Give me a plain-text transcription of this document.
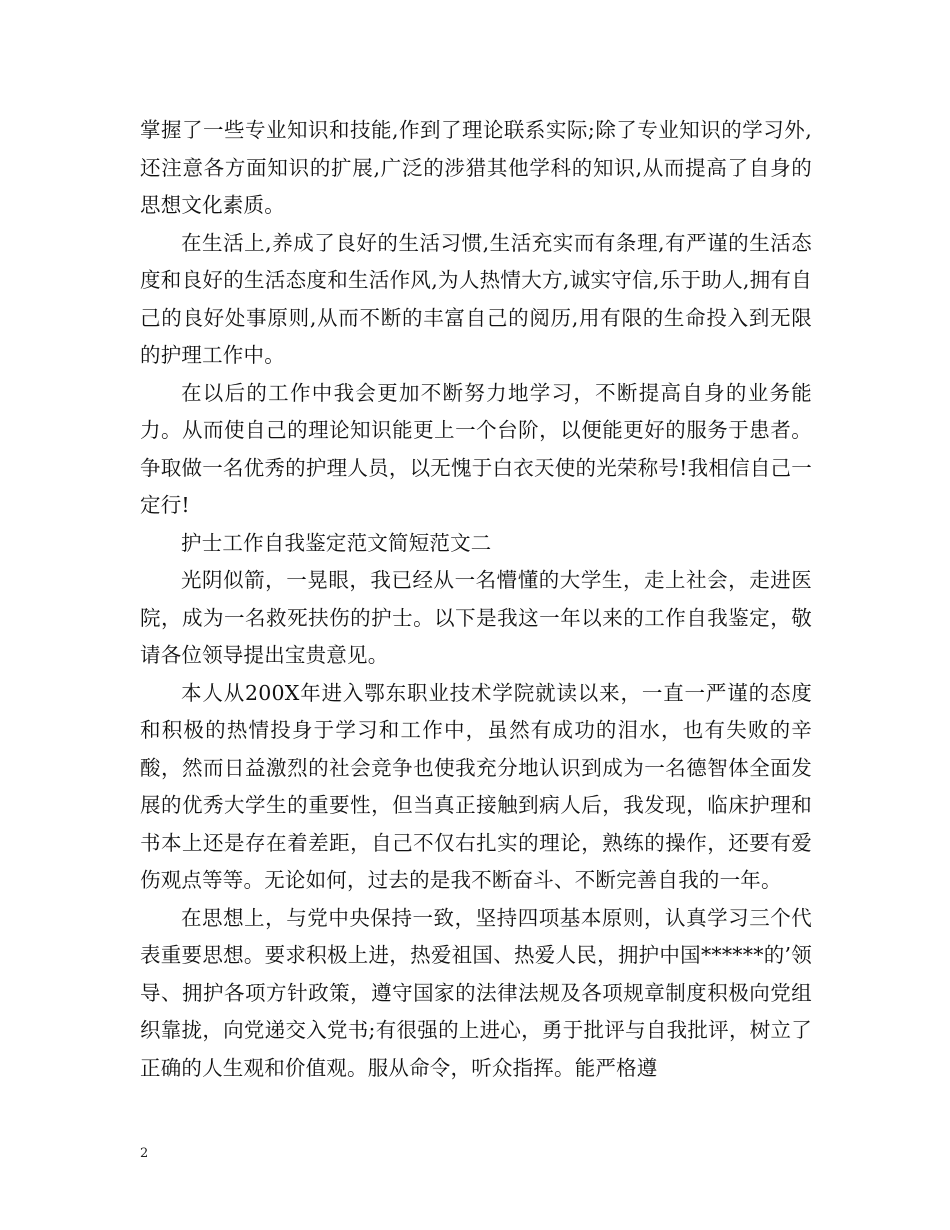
掌握了一些专业知识和技能,作到了理论联系实际;除了专业知识的学习外,还注意各方面知识的扩展,广泛的涉猎其他学科的知识,从而提高了自身的思想文化素质。

在生活上,养成了良好的生活习惯,生活充实而有条理,有严谨的生活态度和良好的生活态度和生活作风,为人热情大方,诚实守信,乐于助人,拥有自己的良好处事原则,从而不断的丰富自己的阅历,用有限的生命投入到无限的护理工作中。

在以后的工作中我会更加不断努力地学习，不断提高自身的业务能力。从而使自己的理论知识能更上一个台阶，以便能更好的服务于患者。争取做一名优秀的护理人员，以无愧于白衣天使的光荣称号!我相信自己一定行!

护士工作自我鉴定范文简短范文二

光阴似箭，一晃眼，我已经从一名懵懂的大学生，走上社会，走进医院，成为一名救死扶伤的护士。以下是我这一年以来的工作自我鉴定，敬请各位领导提出宝贵意见。

本人从200X年进入鄂东职业技术学院就读以来，一直一严谨的态度和积极的热情投身于学习和工作中，虽然有成功的泪水，也有失败的辛酸，然而日益激烈的社会竞争也使我充分地认识到成为一名德智体全面发展的优秀大学生的重要性，但当真正接触到病人后，我发现，临床护理和书本上还是存在着差距，自己不仅右扎实的理论，熟练的操作，还要有爱伤观点等等。无论如何，过去的是我不断奋斗、不断完善自我的一年。

在思想上，与党中央保持一致，坚持四项基本原则，认真学习三个代表重要思想。要求积极上进，热爱祖国、热爱人民，拥护中国******的’领导、拥护各项方针政策，遵守国家的法律法规及各项规章制度积极向党组织靠拢，向党递交入党书;有很强的上进心，勇于批评与自我批评，树立了正确的人生观和价值观。服从命令，听众指挥。能严格遵

2
